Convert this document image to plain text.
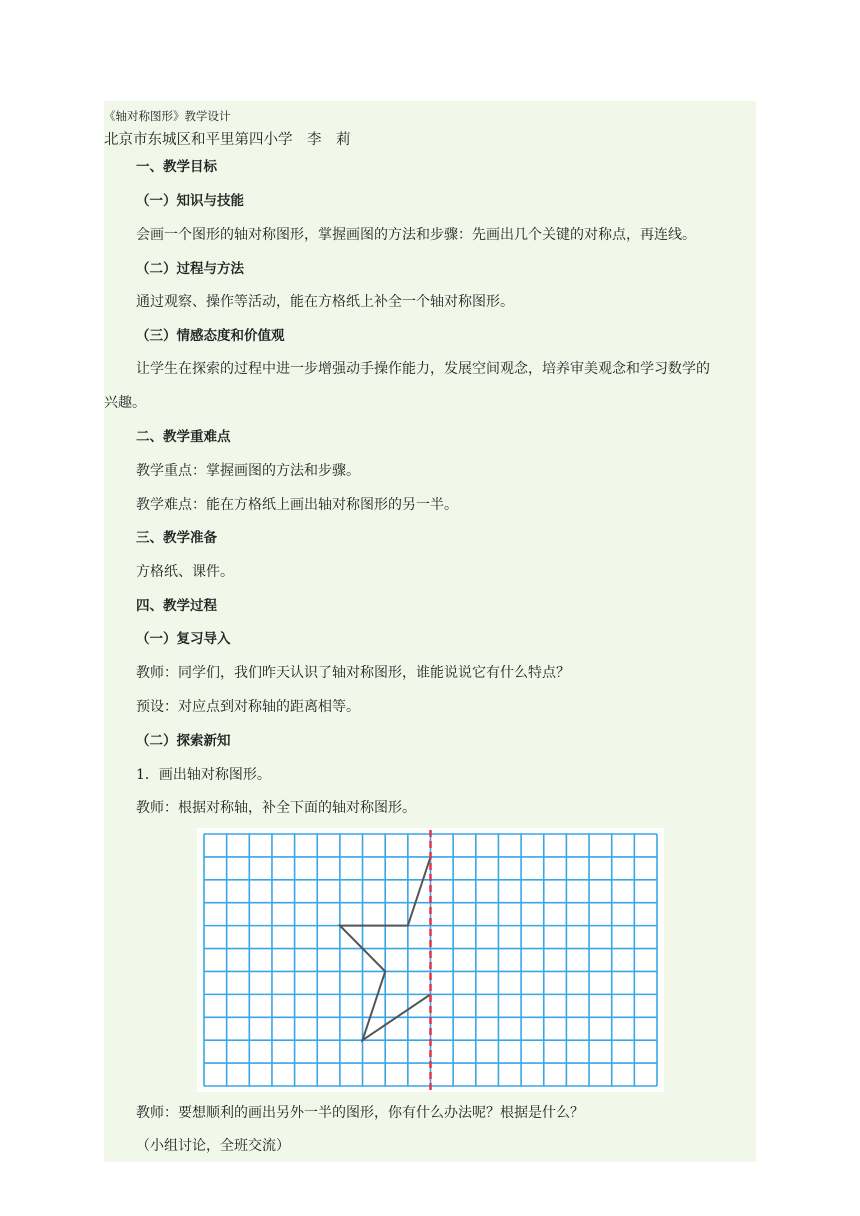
《轴对称图形》教学设计
北京市东城区和平里第四小学　李　莉
一、教学目标
（一）知识与技能
会画一个图形的轴对称图形，掌握画图的方法和步骤：先画出几个关键的对称点，再连线。
（二）过程与方法
通过观察、操作等活动，能在方格纸上补全一个轴对称图形。
（三）情感态度和价值观
让学生在探索的过程中进一步增强动手操作能力，发展空间观念，培养审美观念和学习数学的
兴趣。
二、教学重难点
教学重点：掌握画图的方法和步骤。
教学难点：能在方格纸上画出轴对称图形的另一半。
三、教学准备
方格纸、课件。
四、教学过程
（一）复习导入
教师：同学们，我们昨天认识了轴对称图形，谁能说说它有什么特点？
预设：对应点到对称轴的距离相等。
（二）探索新知
1．画出轴对称图形。
教师：根据对称轴，补全下面的轴对称图形。
教师：要想顺利的画出另外一半的图形，你有什么办法呢？根据是什么？
（小组讨论，全班交流）
